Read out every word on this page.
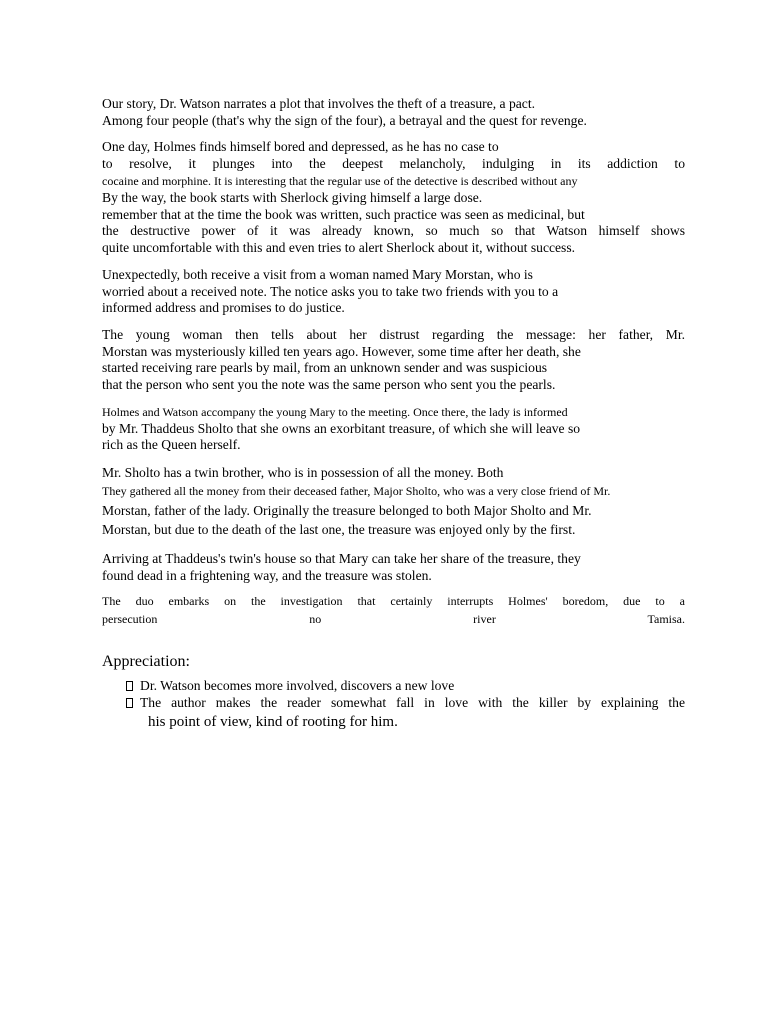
Our story, Dr. Watson narrates a plot that involves the theft of a treasure, a pact.
Among four people (that's why the sign of the four), a betrayal and the quest for revenge.
One day, Holmes finds himself bored and depressed, as he has no case to
to resolve, it plunges into the deepest melancholy, indulging in its addiction to
cocaine and morphine. It is interesting that the regular use of the detective is described without any
By the way, the book starts with Sherlock giving himself a large dose.
remember that at the time the book was written, such practice was seen as medicinal, but
the destructive power of it was already known, so much so that Watson himself shows
quite uncomfortable with this and even tries to alert Sherlock about it, without success.
Unexpectedly, both receive a visit from a woman named Mary Morstan, who is
worried about a received note. The notice asks you to take two friends with you to a
informed address and promises to do justice.
The young woman then tells about her distrust regarding the message: her father, Mr.
Morstan was mysteriously killed ten years ago. However, some time after her death, she
started receiving rare pearls by mail, from an unknown sender and was suspicious
that the person who sent you the note was the same person who sent you the pearls.
Holmes and Watson accompany the young Mary to the meeting. Once there, the lady is informed
by Mr. Thaddeus Sholto that she owns an exorbitant treasure, of which she will leave so
rich as the Queen herself.
Mr. Sholto has a twin brother, who is in possession of all the money. Both
They gathered all the money from their deceased father, Major Sholto, who was a very close friend of Mr.
Morstan, father of the lady. Originally the treasure belonged to both Major Sholto and Mr.
Morstan, but due to the death of the last one, the treasure was enjoyed only by the first.
Arriving at Thaddeus's twin's house so that Mary can take her share of the treasure, they
found dead in a frightening way, and the treasure was stolen.
The duo embarks on the investigation that certainly interrupts Holmes' boredom, due to a
persecution no river Tamisa.
Appreciation:
Dr. Watson becomes more involved, discovers a new love
The author makes the reader somewhat fall in love with the killer by explaining the
his point of view, kind of rooting for him.
